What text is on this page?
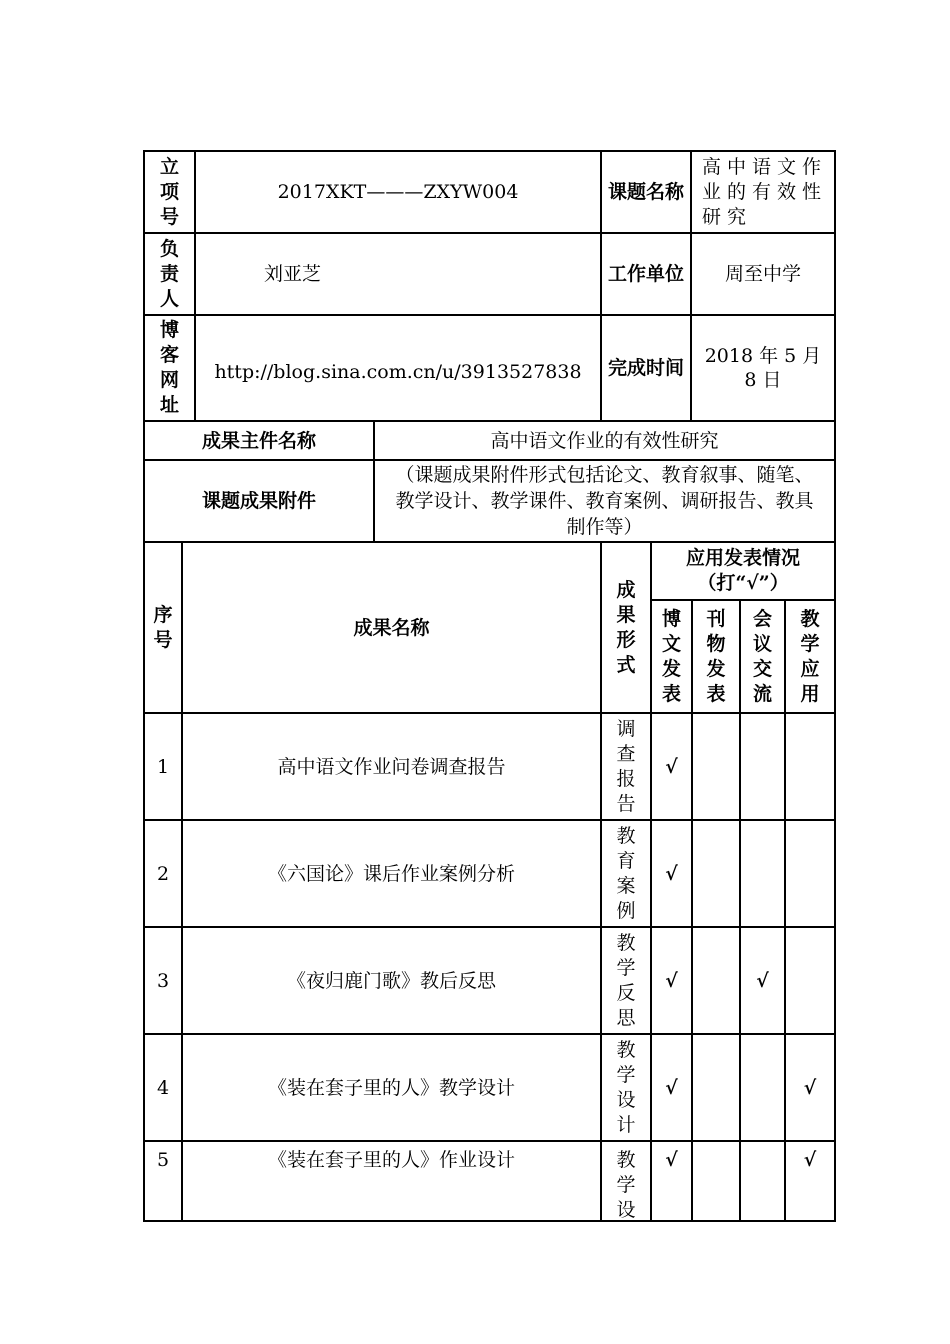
立项号	2017XKT———ZXYW004	课题名称	高中语文作业的有效性研究

负责人	刘亚芝	工作单位	周至中学
博客网址	http://blog.sina.com.cn/u/3913527838	完成时间	2018 年 5 月 8 日
成果主件名称	高中语文作业的有效性研究
课题成果附件	（课题成果附件形式包括论文、教育叙事、随笔、教学设计、教学课件、教育案例、调研报告、教具制作等）
序号	成果名称	成果形式	应用发表情况（打“√”）			
			博文发表	刊物发表	会议交流	教学应用
1	高中语文作业问卷调查报告	调查报告	√			
2	《六国论》课后作业案例分析	教育案例	√			
3	《夜归鹿门歌》教后反思	教学反思	√		√	
4	《装在套子里的人》教学设计	教学设计	√			√
5	《装在套子里的人》作业设计	教学设	√			√
